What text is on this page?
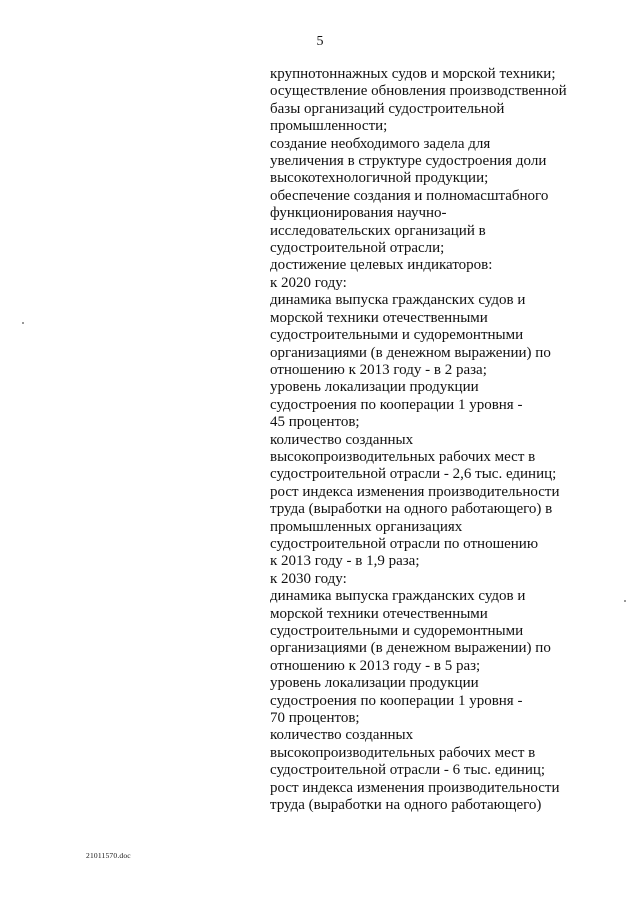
5
крупнотоннажных судов и морской техники;
осуществление обновления производственной
базы организаций судостроительной
промышленности;
создание необходимого задела для
увеличения в структуре судостроения доли
высокотехнологичной продукции;
обеспечение создания и полномасштабного
функционирования научно-
исследовательских организаций в
судостроительной отрасли;
достижение целевых индикаторов:
к 2020 году:
динамика выпуска гражданских судов и
морской техники отечественными
судостроительными и судоремонтными
организациями (в денежном выражении) по
отношению к 2013 году - в 2 раза;
уровень локализации продукции
судостроения по кооперации 1 уровня -
45 процентов;
количество созданных
высокопроизводительных рабочих мест в
судостроительной отрасли - 2,6 тыс. единиц;
рост индекса изменения производительности
труда (выработки на одного работающего) в
промышленных организациях
судостроительной отрасли по отношению
к 2013 году - в 1,9 раза;
к 2030 году:
динамика выпуска гражданских судов и
морской техники отечественными
судостроительными и судоремонтными
организациями (в денежном выражении) по
отношению к 2013 году - в 5 раз;
уровень локализации продукции
судостроения по кооперации 1 уровня -
70 процентов;
количество созданных
высокопроизводительных рабочих мест в
судостроительной отрасли - 6 тыс. единиц;
рост индекса изменения производительности
труда (выработки на одного работающего)
21011570.doc
